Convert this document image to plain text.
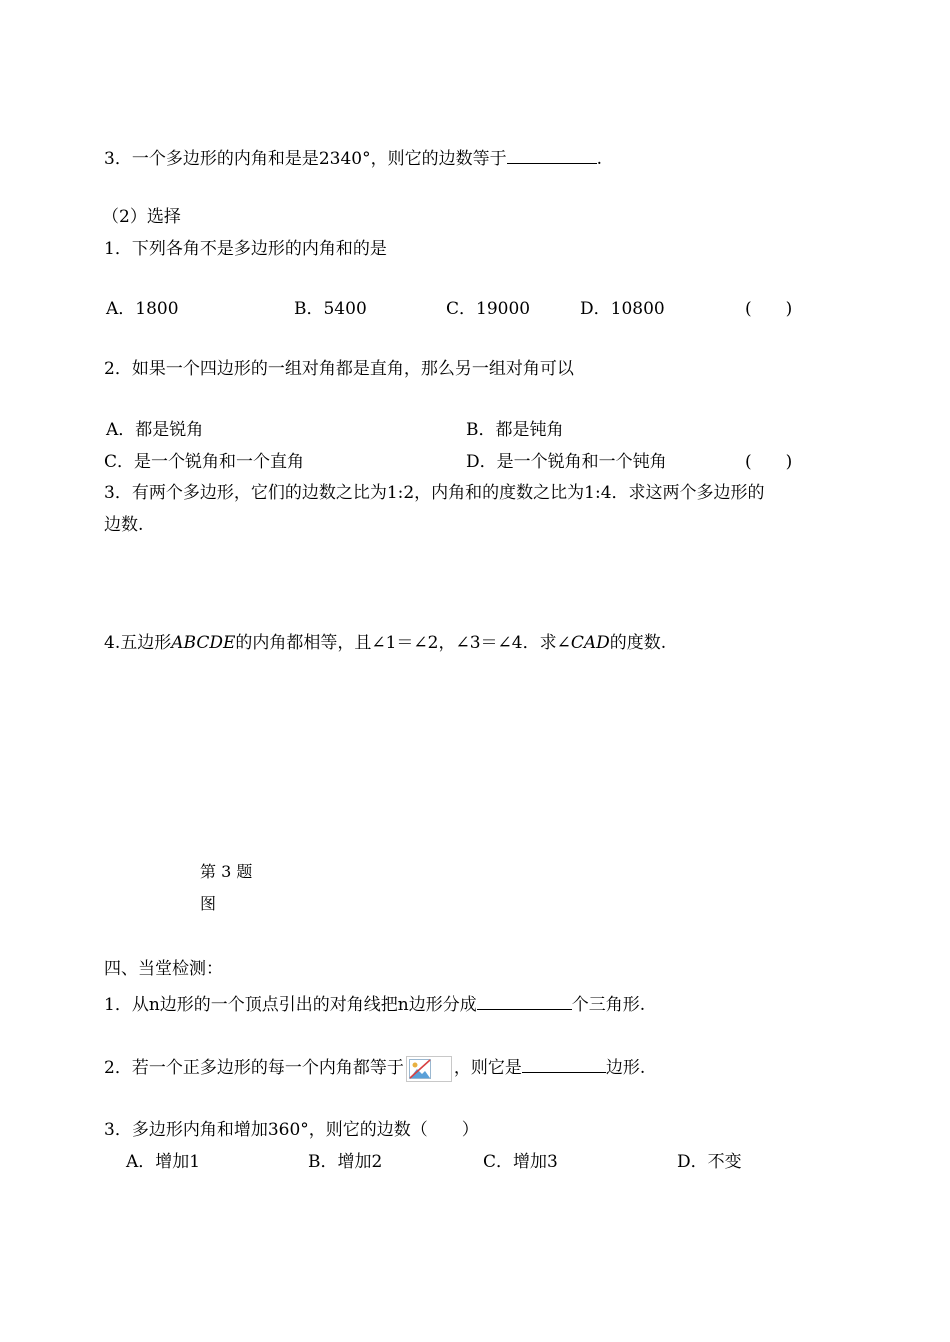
3．一个多边形的内角和是是2340°，则它的边数等于	.
（2）选择
1．下列各角不是多边形的内角和的是
A．1800	B．5400	C．19000	D．10800	(　　)
2．如果一个四边形的一组对角都是直角，那么另一组对角可以
A．都是锐角	B．都是钝角
C．是一个锐角和一个直角	D．是一个锐角和一个钝角	(　　)
3．有两个多边形，它们的边数之比为1:2，内角和的度数之比为1:4．求这两个多边形的
边数.
4.五边形ABCDE的内角都相等，且∠1＝∠2，∠3＝∠4．求∠CAD的度数.
第 3 题
图
四、当堂检测：
1．从n边形的一个顶点引出的对角线把n边形分成	个三角形.
2．若一个正多边形的每一个内角都等于	，则它是	边形.
3．多边形内角和增加360°，则它的边数（　　）
A．增加1	B．增加2	C．增加3	D．不变
